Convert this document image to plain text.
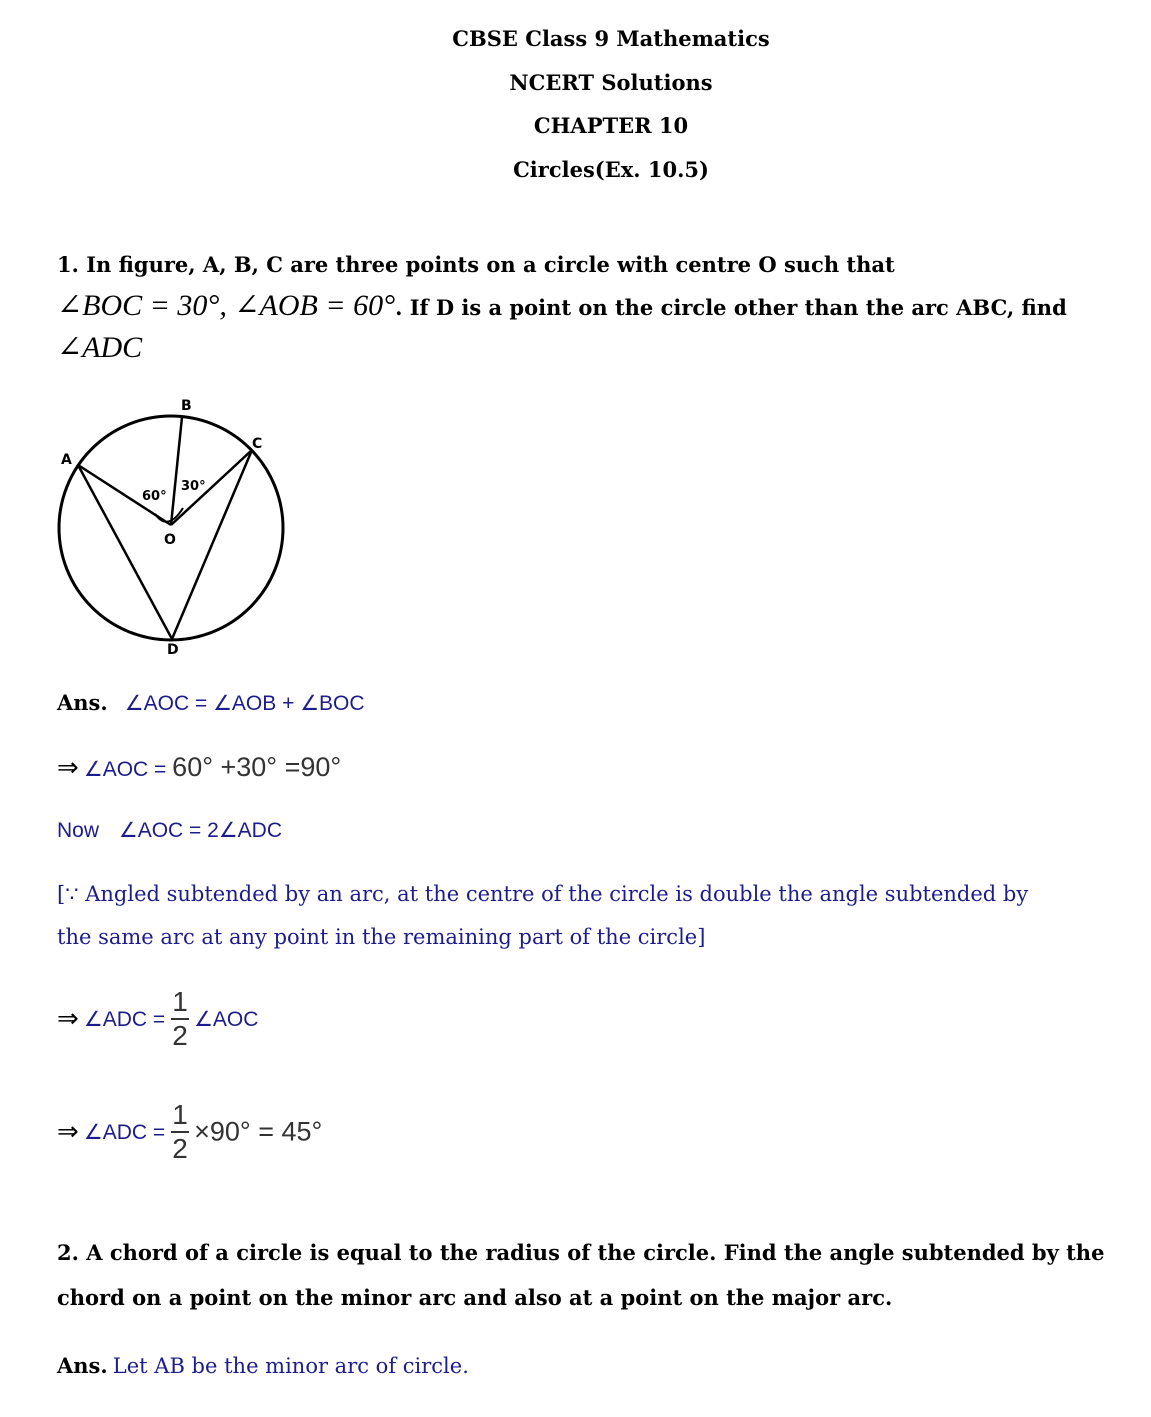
CBSE Class 9 Mathematics
NCERT Solutions
CHAPTER 10
Circles(Ex. 10.5)
1. In figure, A, B, C are three points on a circle with centre O such that
∠BOC = 30°, ∠AOB = 60°. If D is a point on the circle other than the arc ABC, find
∠ADC
B
C
A
O
D
60°
30°
Ans. ∠AOC = ∠AOB + ∠BOC
⇒ ∠AOC = 60° +30° =90°
Now ∠AOC = 2∠ADC
[∵ Angled subtended by an arc, at the centre of the circle is double the angle subtended by
the same arc at any point in the remaining part of the circle]
⇒ ∠ADC = $\frac{1}{2}$ ∠AOC
⇒ ∠ADC = $\frac{1}{2} \times 90^\circ = 45^\circ$
2. A chord of a circle is equal to the radius of the circle. Find the angle subtended by the
chord on a point on the minor arc and also at a point on the major arc.
Ans. Let AB be the minor arc of circle.
